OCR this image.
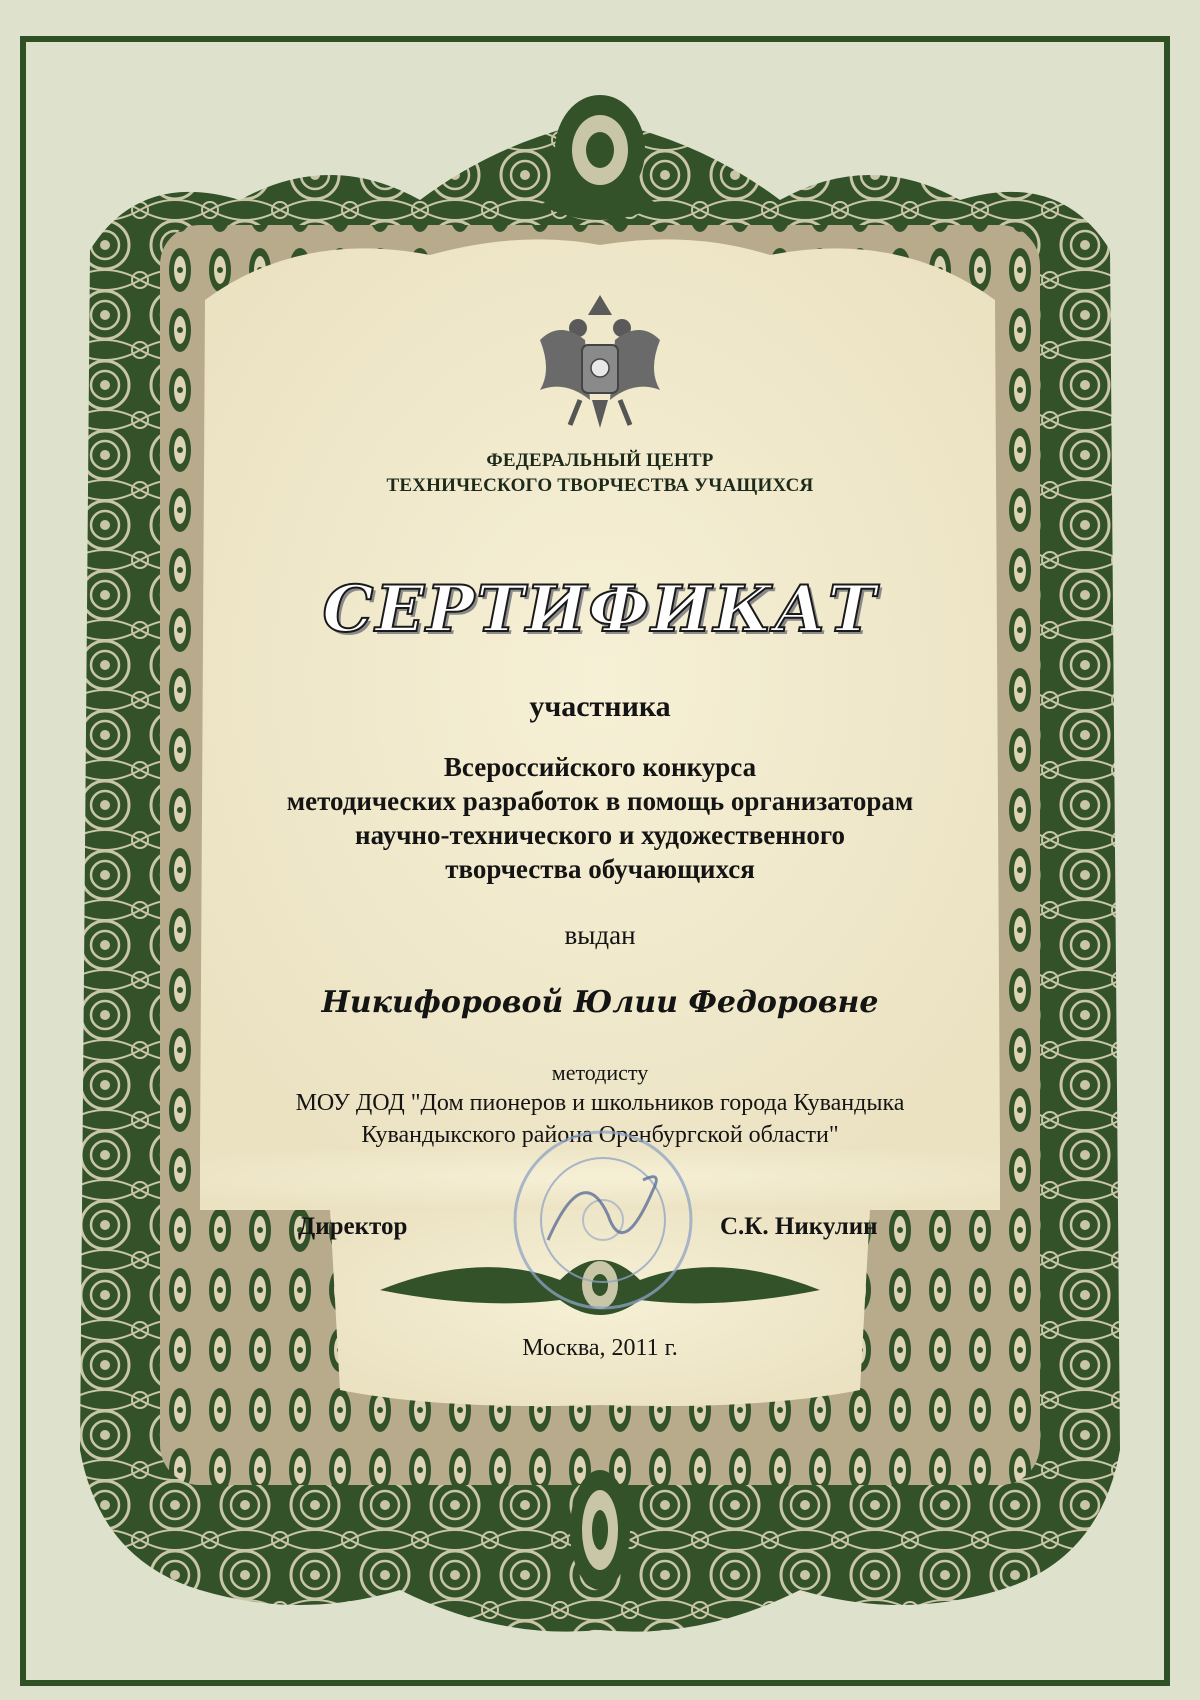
ФЕДЕРАЛЬНЫЙ ЦЕНТР
ТЕХНИЧЕСКОГО ТВОРЧЕСТВА УЧАЩИХСЯ
СЕРТИФИКАТ
участника
Всероссийского конкурса
методических разработок в помощь организаторам
научно-технического и художественного
творчества обучающихся
выдан
Никифоровой Юлии Федоровне
методисту
МОУ ДОД "Дом пионеров и школьников города Кувандыка
Кувандыкского района Оренбургской области"
Директор	С.К. Никулин
Москва, 2011 г.
